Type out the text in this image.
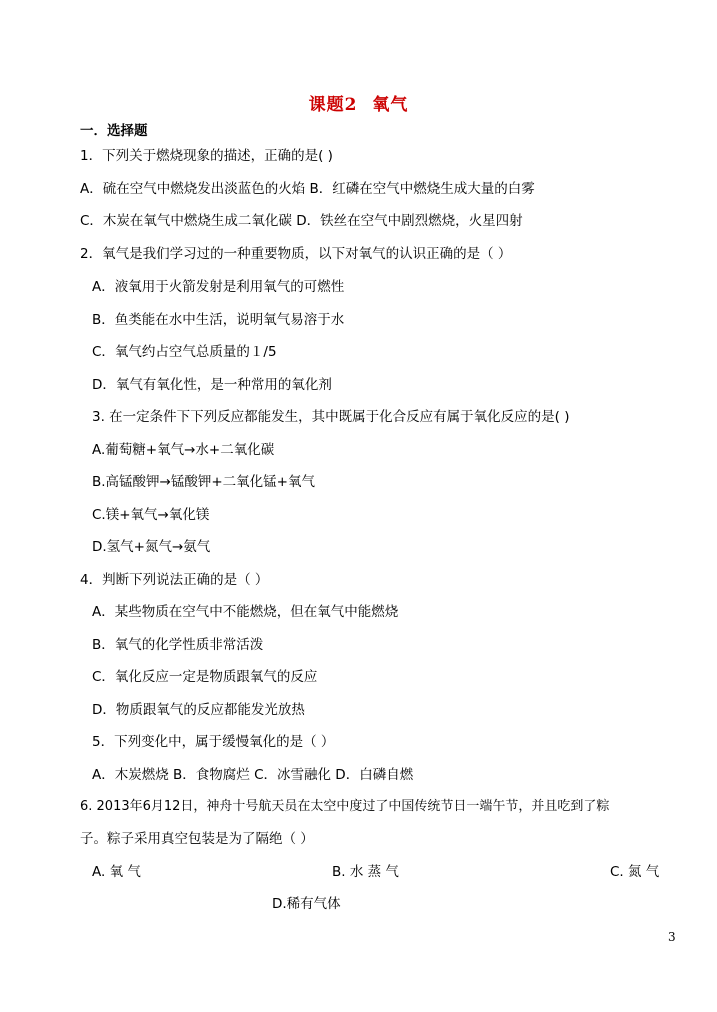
课题2 氧气
一．选择题
1．下列关于燃烧现象的描述，正确的是( )
A．硫在空气中燃烧发出淡蓝色的火焰 B．红磷在空气中燃烧生成大量的白雾
C．木炭在氧气中燃烧生成二氧化碳 D．铁丝在空气中剧烈燃烧，火星四射
2．氧气是我们学习过的一种重要物质，以下对氧气的认识正确的是（ ）
A．液氧用于火箭发射是利用氧气的可燃性
B．鱼类能在水中生活，说明氧气易溶于水
C．氧气约占空气总质量的１/5
D．氧气有氧化性，是一种常用的氧化剂
3. 在一定条件下下列反应都能发生，其中既属于化合反应有属于氧化反应的是( )
A.葡萄糖+氧气→水+二氧化碳
B.高锰酸钾→锰酸钾+二氧化锰+氧气
C.镁+氧气→氧化镁
D.氢气+氮气→氨气
4．判断下列说法正确的是（ ）
A．某些物质在空气中不能燃烧，但在氧气中能燃烧
B．氧气的化学性质非常活泼
C．氧化反应一定是物质跟氧气的反应
D．物质跟氧气的反应都能发光放热
5．下列变化中，属于缓慢氧化的是（ ）
A．木炭燃烧 B．食物腐烂 C．冰雪融化 D．白磷自燃
6. 2013年6月12日，神舟十号航天员在太空中度过了中国传统节日一端午节，并且吃到了粽
子。粽子采用真空包装是为了隔绝（ ）
A. 氧 气	B. 水 蒸 气	C. 氮 气
D.稀有气体
3
